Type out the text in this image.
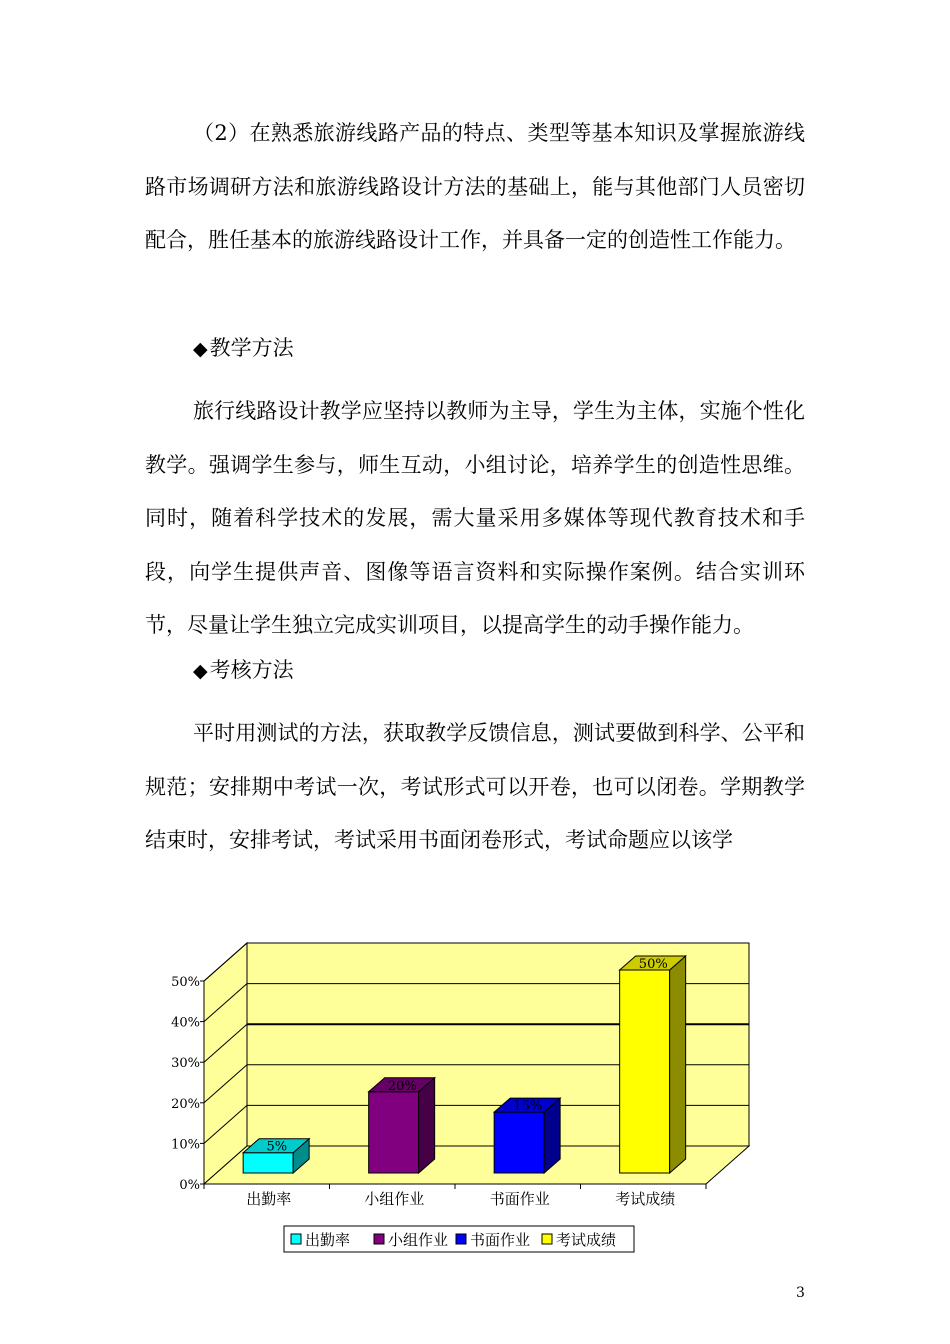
（2）在熟悉旅游线路产品的特点、类型等基本知识及掌握旅游线路市场调研方法和旅游线路设计方法的基础上，能与其他部门人员密切配合，胜任基本的旅游线路设计工作，并具备一定的创造性工作能力。

◆教学方法

旅行线路设计教学应坚持以教师为主导，学生为主体，实施个性化教学。强调学生参与，师生互动，小组讨论，培养学生的创造性思维。同时，随着科学技术的发展，需大量采用多媒体等现代教育技术和手段，向学生提供声音、图像等语言资料和实际操作案例。结合实训环节，尽量让学生独立完成实训项目，以提高学生的动手操作能力。

◆考核方法

平时用测试的方法，获取教学反馈信息，测试要做到科学、公平和规范；安排期中考试一次，考试形式可以开卷，也可以闭卷。学期教学结束时，安排考试，考试采用书面闭卷形式，考试命题应以该学

0%
10%
20%
30%
40%
50%
5%
出勤率
20%
小组作业
15%
书面作业
50%
考试成绩
出勤率	小组作业 书面作业 考试成绩
3
